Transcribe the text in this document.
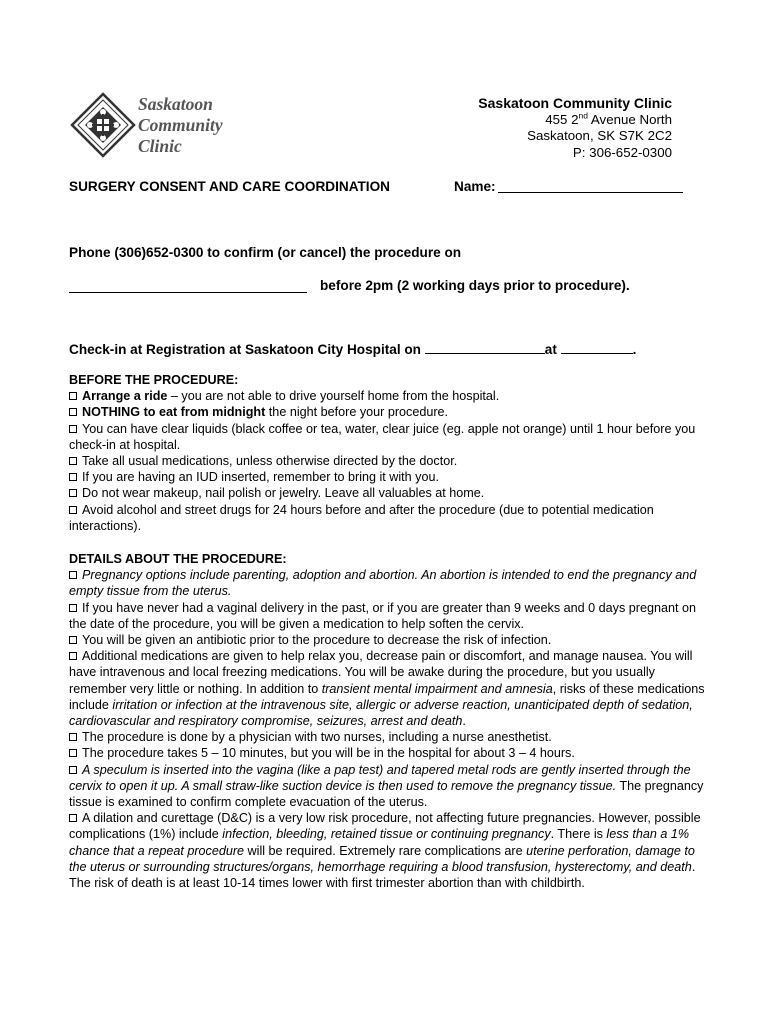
Saskatoon
Community
Clinic
Saskatoon Community Clinic
455 2nd Avenue North
Saskatoon, SK S7K 2C2
P: 306-652-0300
SURGERY CONSENT AND CARE COORDINATION	Name:
Phone (306)652-0300 to confirm (or cancel) the procedure on
before 2pm (2 working days prior to procedure).
Check-in at Registration at Saskatoon City Hospital on	at	.

BEFORE THE PROCEDURE:

Arrange a ride – you are not able to drive yourself home from the hospital.

NOTHING to eat from midnight the night before your procedure.

You can have clear liquids (black coffee or tea, water, clear juice (eg. apple not orange) until 1 hour before you check-in at hospital.

Take all usual medications, unless otherwise directed by the doctor.

If you are having an IUD inserted, remember to bring it with you.

Do not wear makeup, nail polish or jewelry. Leave all valuables at home.

Avoid alcohol and street drugs for 24 hours before and after the procedure (due to potential medication interactions).

DETAILS ABOUT THE PROCEDURE:

Pregnancy options include parenting, adoption and abortion. An abortion is intended to end the pregnancy and empty tissue from the uterus.

If you have never had a vaginal delivery in the past, or if you are greater than 9 weeks and 0 days pregnant on the date of the procedure, you will be given a medication to help soften the cervix.

You will be given an antibiotic prior to the procedure to decrease the risk of infection.

Additional medications are given to help relax you, decrease pain or discomfort, and manage nausea. You will have intravenous and local freezing medications. You will be awake during the procedure, but you usually remember very little or nothing. In addition to transient mental impairment and amnesia, risks of these medications include irritation or infection at the intravenous site, allergic or adverse reaction, unanticipated depth of sedation, cardiovascular and respiratory compromise, seizures, arrest and death.

The procedure is done by a physician with two nurses, including a nurse anesthetist.

The procedure takes 5 – 10 minutes, but you will be in the hospital for about 3 – 4 hours.

A speculum is inserted into the vagina (like a pap test) and tapered metal rods are gently inserted through the cervix to open it up. A small straw-like suction device is then used to remove the pregnancy tissue. The pregnancy tissue is examined to confirm complete evacuation of the uterus.

A dilation and curettage (D&C) is a very low risk procedure, not affecting future pregnancies. However, possible complications (1%) include infection, bleeding, retained tissue or continuing pregnancy. There is less than a 1% chance that a repeat procedure will be required. Extremely rare complications are uterine perforation, damage to the uterus or surrounding structures/organs, hemorrhage requiring a blood transfusion, hysterectomy, and death. The risk of death is at least 10-14 times lower with first trimester abortion than with childbirth.
